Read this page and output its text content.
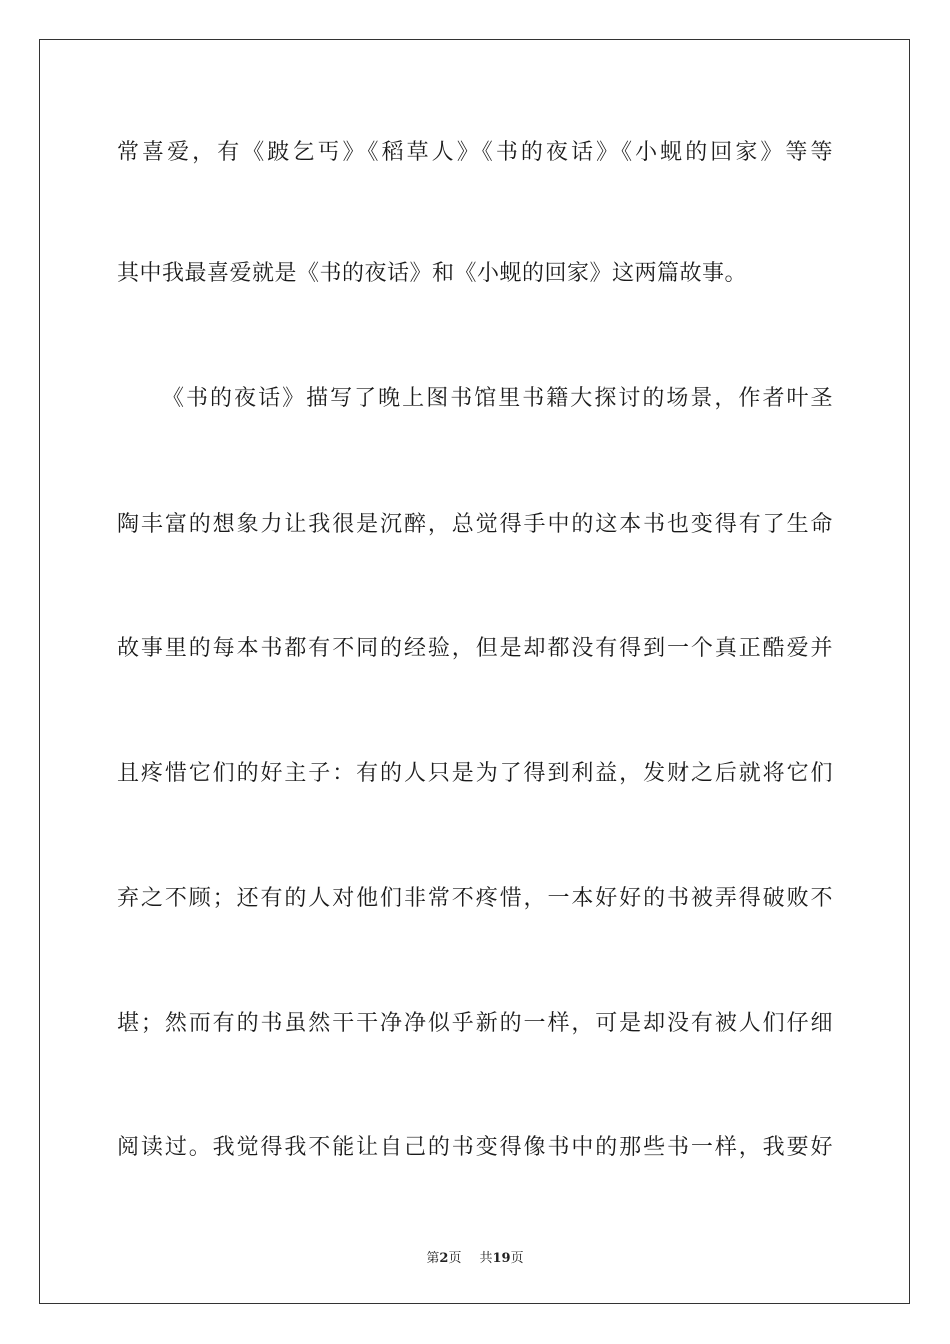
常喜爱，有《跛乞丐》《稻草人》《书的夜话》《小蚬的回家》等等
其中我最喜爱就是《书的夜话》和《小蚬的回家》这两篇故事。
《书的夜话》描写了晚上图书馆里书籍大探讨的场景，作者叶圣
陶丰富的想象力让我很是沉醉，总觉得手中的这本书也变得有了生命
故事里的每本书都有不同的经验，但是却都没有得到一个真正酷爱并
且疼惜它们的好主子：有的人只是为了得到利益，发财之后就将它们
弃之不顾；还有的人对他们非常不疼惜，一本好好的书被弄得破败不
堪；然而有的书虽然干干净净似乎新的一样，可是却没有被人们仔细
阅读过。我觉得我不能让自己的书变得像书中的那些书一样，我要好
第2页 共19页
